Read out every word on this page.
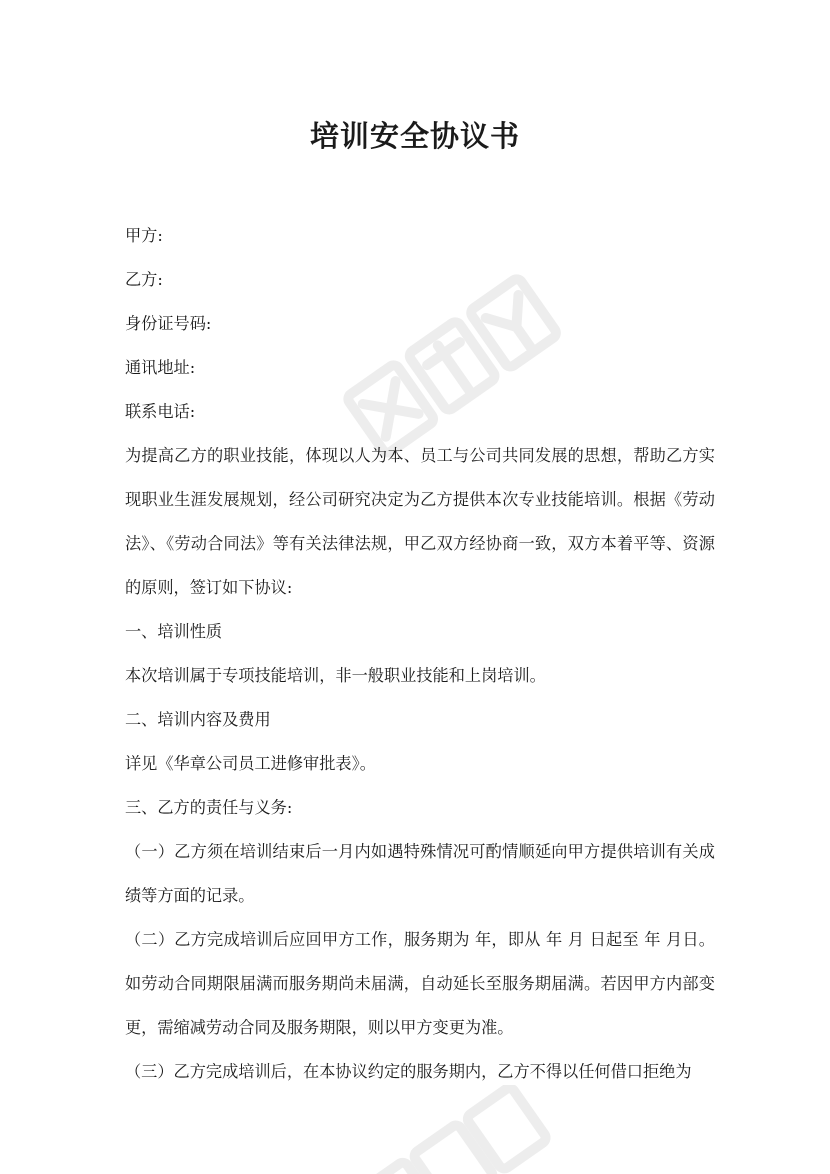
培训安全协议书

甲方:

乙方:

身份证号码:

通讯地址:

联系电话:

为提高乙方的职业技能，体现以人为本、员工与公司共同发展的思想，帮助乙方实现职业生涯发展规划，经公司研究决定为乙方提供本次专业技能培训。根据《劳动法》、《劳动合同法》等有关法律法规，甲乙双方经协商一致，双方本着平等、资源的原则，签订如下协议:

一、培训性质

本次培训属于专项技能培训，非一般职业技能和上岗培训。

二、培训内容及费用

详见《华章公司员工进修审批表》。

三、乙方的责任与义务:

（一）乙方须在培训结束后一月内如遇特殊情况可酌情顺延向甲方提供培训有关成绩等方面的记录。

（二）乙方完成培训后应回甲方工作，服务期为 年，即从 年 月 日起至 年 月日。如劳动合同期限届满而服务期尚未届满，自动延长至服务期届满。若因甲方内部变更，需缩减劳动合同及服务期限，则以甲方变更为准。

（三）乙方完成培训后，在本协议约定的服务期内，乙方不得以任何借口拒绝为
